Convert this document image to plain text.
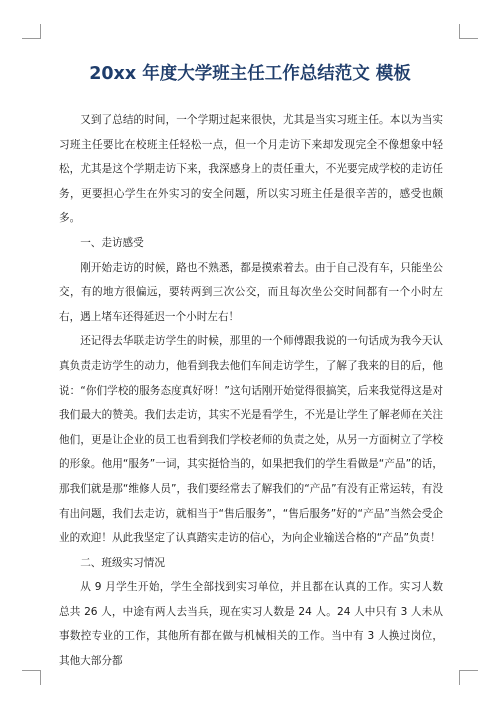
20xx 年度大学班主任工作总结范文 模板

又到了总结的时间，一个学期过起来很快，尤其是当实习班主任。本以为当实习班主任要比在校班主任轻松一点，但一个月走访下来却发现完全不像想象中轻松，尤其是这个学期走访下来，我深感身上的责任重大，不光要完成学校的走访任务，更要担心学生在外实习的安全问题，所以实习班主任是很辛苦的，感受也颇多。

一、走访感受

刚开始走访的时候，路也不熟悉，都是摸索着去。由于自己没有车，只能坐公交，有的地方很偏远，要转两到三次公交，而且每次坐公交时间都有一个小时左右，遇上堵车还得延迟一个小时左右！

还记得去华联走访学生的时候，那里的一个师傅跟我说的一句话成为我今天认真负责走访学生的动力，他看到我去他们车间走访学生，了解了我来的目的后，他说：“你们学校的服务态度真好呀！”这句话刚开始觉得很搞笑，后来我觉得这是对我们最大的赞美。我们去走访，其实不光是看学生，不光是让学生了解老师在关注他们，更是让企业的员工也看到我们学校老师的负责之处，从另一方面树立了学校的形象。他用“服务”一词，其实挺恰当的，如果把我们的学生看做是“产品”的话，那我们就是那“维修人员”，我们要经常去了解我们的“产品”有没有正常运转，有没有出问题，我们去走访，就相当于“售后服务”，“售后服务”好的“产品”当然会受企业的欢迎！从此我坚定了认真踏实走访的信心，为向企业输送合格的“产品”负责！

二、班级实习情况

从 9 月学生开始，学生全部找到实习单位，并且都在认真的工作。实习人数总共 26 人，中途有两人去当兵，现在实习人数是 24 人。24 人中只有 3 人未从事数控专业的工作，其他所有都在做与机械相关的工作。当中有 3 人换过岗位，其他大部分都
